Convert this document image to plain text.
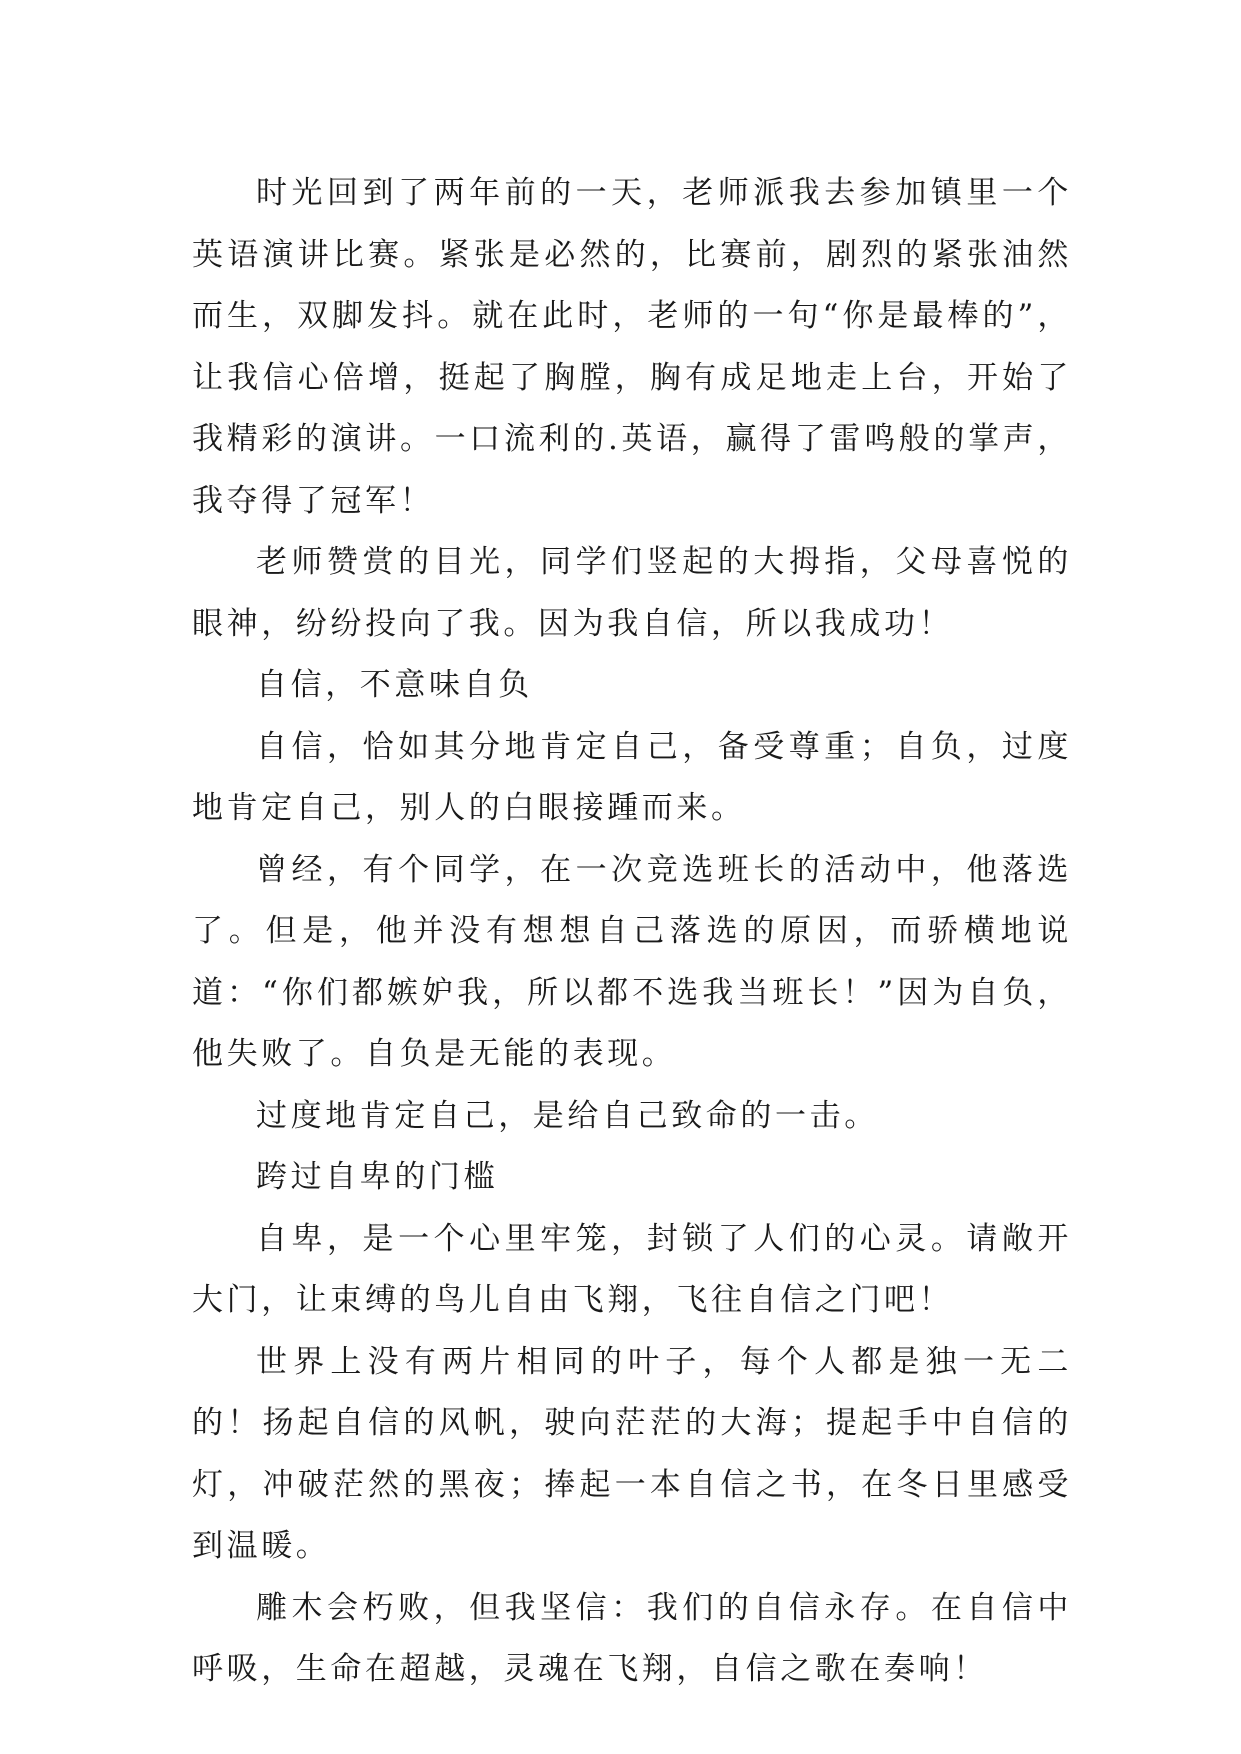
时光回到了两年前的一天，老师派我去参加镇里一个英语演讲比赛。紧张是必然的，比赛前，剧烈的紧张油然而生，双脚发抖。就在此时，老师的一句“你是最棒的”，让我信心倍增，挺起了胸膛，胸有成足地走上台，开始了我精彩的演讲。一口流利的.英语，赢得了雷鸣般的掌声，我夺得了冠军！

老师赞赏的目光，同学们竖起的大拇指，父母喜悦的眼神，纷纷投向了我。因为我自信，所以我成功！

自信，不意味自负

自信，恰如其分地肯定自己，备受尊重；自负，过度地肯定自己，别人的白眼接踵而来。

曾经，有个同学，在一次竞选班长的活动中，他落选了。但是，他并没有想想自己落选的原因，而骄横地说道：“你们都嫉妒我，所以都不选我当班长！”因为自负，他失败了。自负是无能的表现。

过度地肯定自己，是给自己致命的一击。

跨过自卑的门槛

自卑，是一个心里牢笼，封锁了人们的心灵。请敞开大门，让束缚的鸟儿自由飞翔，飞往自信之门吧！

世界上没有两片相同的叶子，每个人都是独一无二的！扬起自信的风帆，驶向茫茫的大海；提起手中自信的灯，冲破茫然的黑夜；捧起一本自信之书，在冬日里感受到温暖。

雕木会朽败，但我坚信：我们的自信永存。在自信中呼吸，生命在超越，灵魂在飞翔，自信之歌在奏响！
